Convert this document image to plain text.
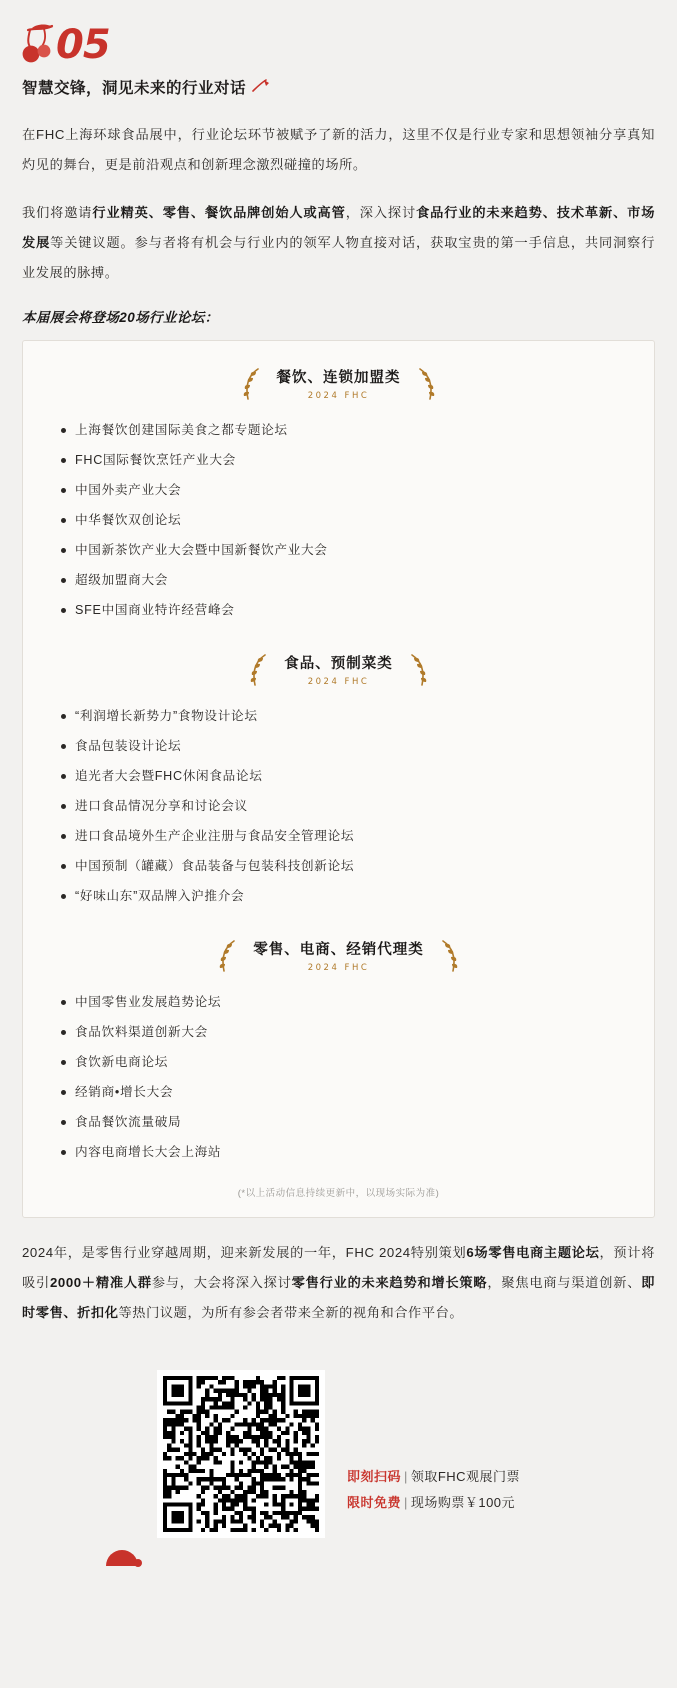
05
智慧交锋，洞见未来的行业对话

在FHC上海环球食品展中，行业论坛环节被赋予了新的活力，这里不仅是行业专家和思想领袖分享真知灼见的舞台，更是前沿观点和创新理念激烈碰撞的场所。

我们将邀请行业精英、零售、餐饮品牌创始人或高管，深入探讨食品行业的未来趋势、技术革新、市场发展等关键议题。参与者将有机会与行业内的领军人物直接对话，获取宝贵的第一手信息，共同洞察行业发展的脉搏。

本届展会将登场20场行业论坛：
餐饮、连锁加盟类
2024 FHC
上海餐饮创建国际美食之都专题论坛
FHC国际餐饮烹饪产业大会
中国外卖产业大会
中华餐饮双创论坛
中国新茶饮产业大会暨中国新餐饮产业大会
超级加盟商大会
SFE中国商业特许经营峰会
食品、预制菜类
2024 FHC
“利润增长新势力”食物设计论坛
食品包装设计论坛
追光者大会暨FHC休闲食品论坛
进口食品情况分享和讨论会议
进口食品境外生产企业注册与食品安全管理论坛
中国预制（罐藏）食品装备与包装科技创新论坛
“好味山东”双品牌入沪推介会
零售、电商、经销代理类
2024 FHC
中国零售业发展趋势论坛
食品饮料渠道创新大会
食饮新电商论坛
经销商•增长大会
食品餐饮流量破局
内容电商增长大会上海站
(*以上活动信息持续更新中，以现场实际为准)

2024年，是零售行业穿越周期，迎来新发展的一年，FHC 2024特别策划6场零售电商主题论坛，预计将吸引2000＋精准人群参与，大会将深入探讨零售行业的未来趋势和增长策略，聚焦电商与渠道创新、即时零售、折扣化等热门议题，为所有参会者带来全新的视角和合作平台。

即刻扫码 | 领取FHC观展门票
限时免费 | 现场购票￥100元
